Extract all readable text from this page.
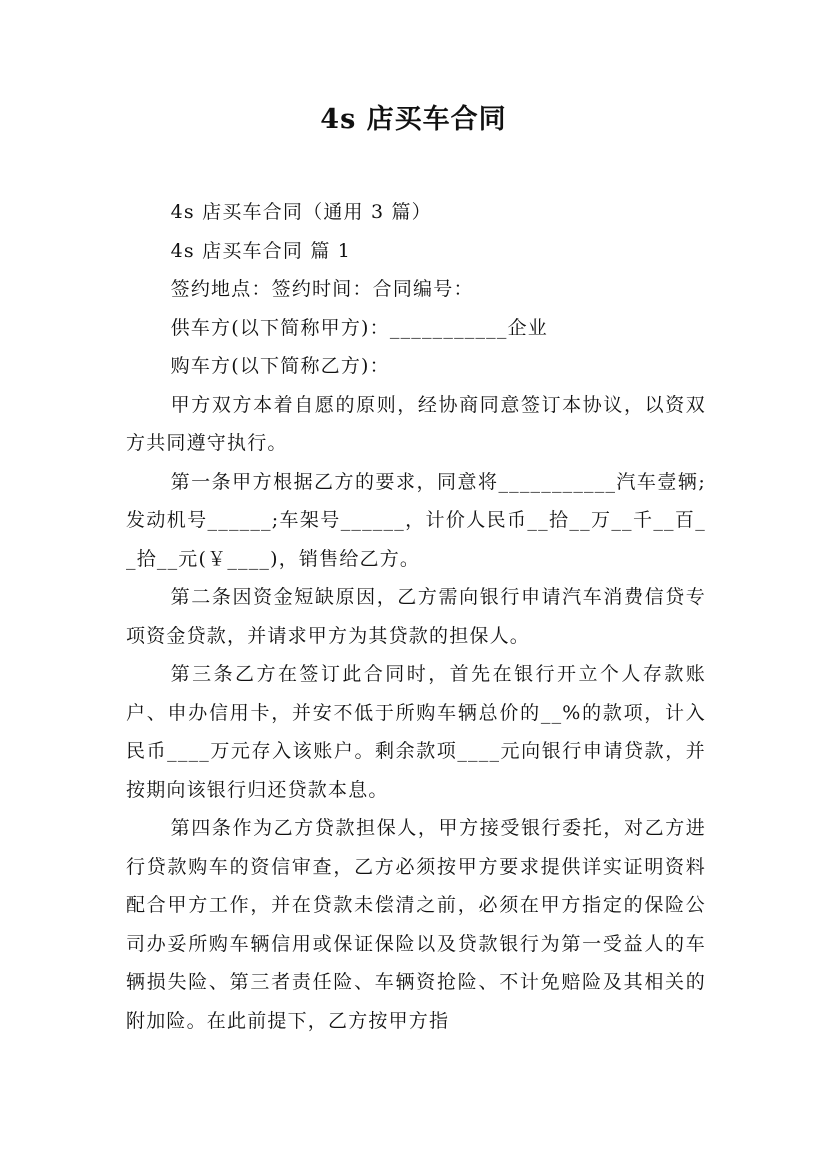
4s 店买车合同

4s 店买车合同（通用 3 篇）

4s 店买车合同 篇 1

签约地点：签约时间：合同编号：

供车方(以下简称甲方)：___________企业

购车方(以下简称乙方)：

甲方双方本着自愿的原则，经协商同意签订本协议，以资双方共同遵守执行。

第一条甲方根据乙方的要求，同意将___________汽车壹辆;发动机号______;车架号______，计价人民币__拾__万__千__百__拾__元(￥____)，销售给乙方。

第二条因资金短缺原因，乙方需向银行申请汽车消费信贷专项资金贷款，并请求甲方为其贷款的担保人。

第三条乙方在签订此合同时，首先在银行开立个人存款账户、申办信用卡，并安不低于所购车辆总价的__%的款项，计入民币____万元存入该账户。剩余款项____元向银行申请贷款，并按期向该银行归还贷款本息。

第四条作为乙方贷款担保人，甲方接受银行委托，对乙方进行贷款购车的资信审查，乙方必须按甲方要求提供详实证明资料配合甲方工作，并在贷款未偿清之前，必须在甲方指定的保险公司办妥所购车辆信用或保证保险以及贷款银行为第一受益人的车辆损失险、第三者责任险、车辆资抢险、不计免赔险及其相关的附加险。在此前提下，乙方按甲方指
